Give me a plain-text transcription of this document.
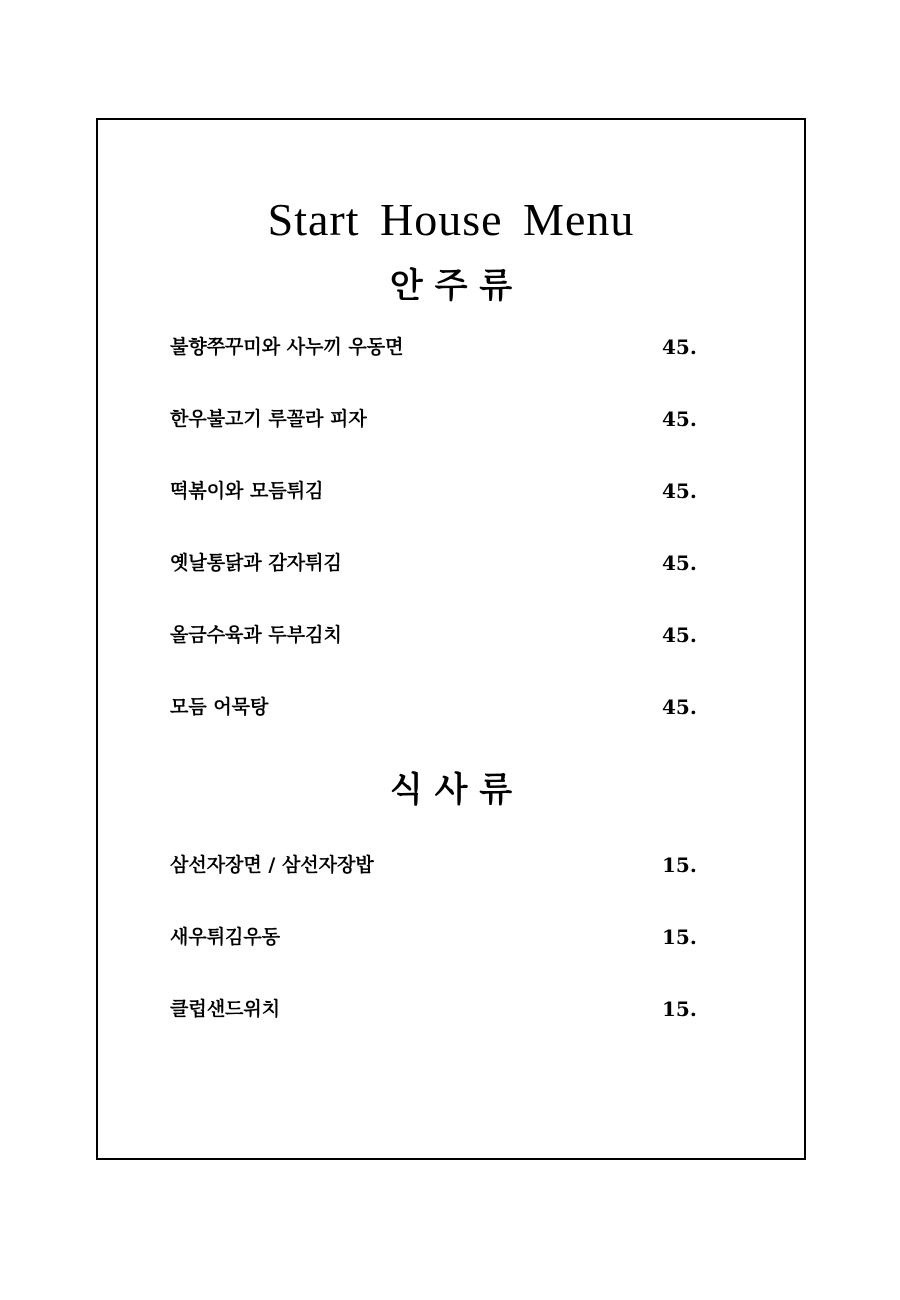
Start House Menu
안 주 류
불향쭈꾸미와 사누끼 우동면	45.
한우불고기 루꼴라 피자	45.
떡볶이와 모듬튀김	45.
옛날통닭과 감자튀김	45.
올금수육과 두부김치	45.
모듬 어묵탕	45.
식 사 류
삼선자장면 / 삼선자장밥	15.
새우튀김우동	15.
클럽샌드위치	15.
